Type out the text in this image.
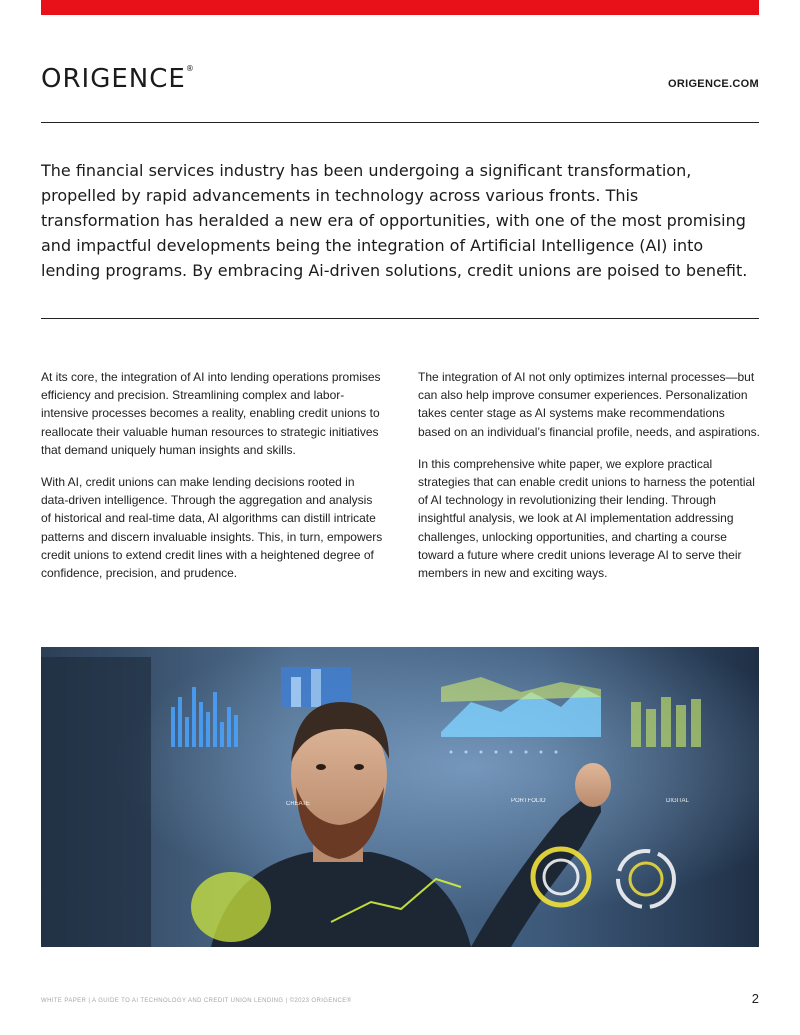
ORIGENCE®
ORIGENCE.COM

The financial services industry has been undergoing a significant transformation, propelled by rapid advancements in technology across various fronts. This transformation has heralded a new era of opportunities, with one of the most promising and impactful developments being the integration of Artificial Intelligence (AI) into lending programs. By embracing Ai-driven solutions, credit unions are poised to benefit.

At its core, the integration of AI into lending operations promises efficiency and precision. Streamlining complex and labor-intensive processes becomes a reality, enabling credit unions to reallocate their valuable human resources to strategic initiatives that demand uniquely human insights and skills.

With AI, credit unions can make lending decisions rooted in data-driven intelligence. Through the aggregation and analysis of historical and real-time data, AI algorithms can distill intricate patterns and discern invaluable insights. This, in turn, empowers credit unions to extend credit lines with a heightened degree of confidence, precision, and prudence.

The integration of AI not only optimizes internal processes—but can also help improve consumer experiences. Personalization takes center stage as AI systems make recommendations based on an individual’s financial profile, needs, and aspirations.

In this comprehensive white paper, we explore practical strategies that can enable credit unions to harness the potential of AI technology in revolutionizing their lending. Through insightful analysis, we look at AI implementation addressing challenges, unlocking opportunities, and charting a course toward a future where credit unions leverage AI to serve their members in new and exciting ways.

CREATE	PORTFOLIO	DIGITAL
WHITE PAPER | A GUIDE TO AI TECHNOLOGY AND CREDIT UNION LENDING | ©2023 ORIGENCE®	2
